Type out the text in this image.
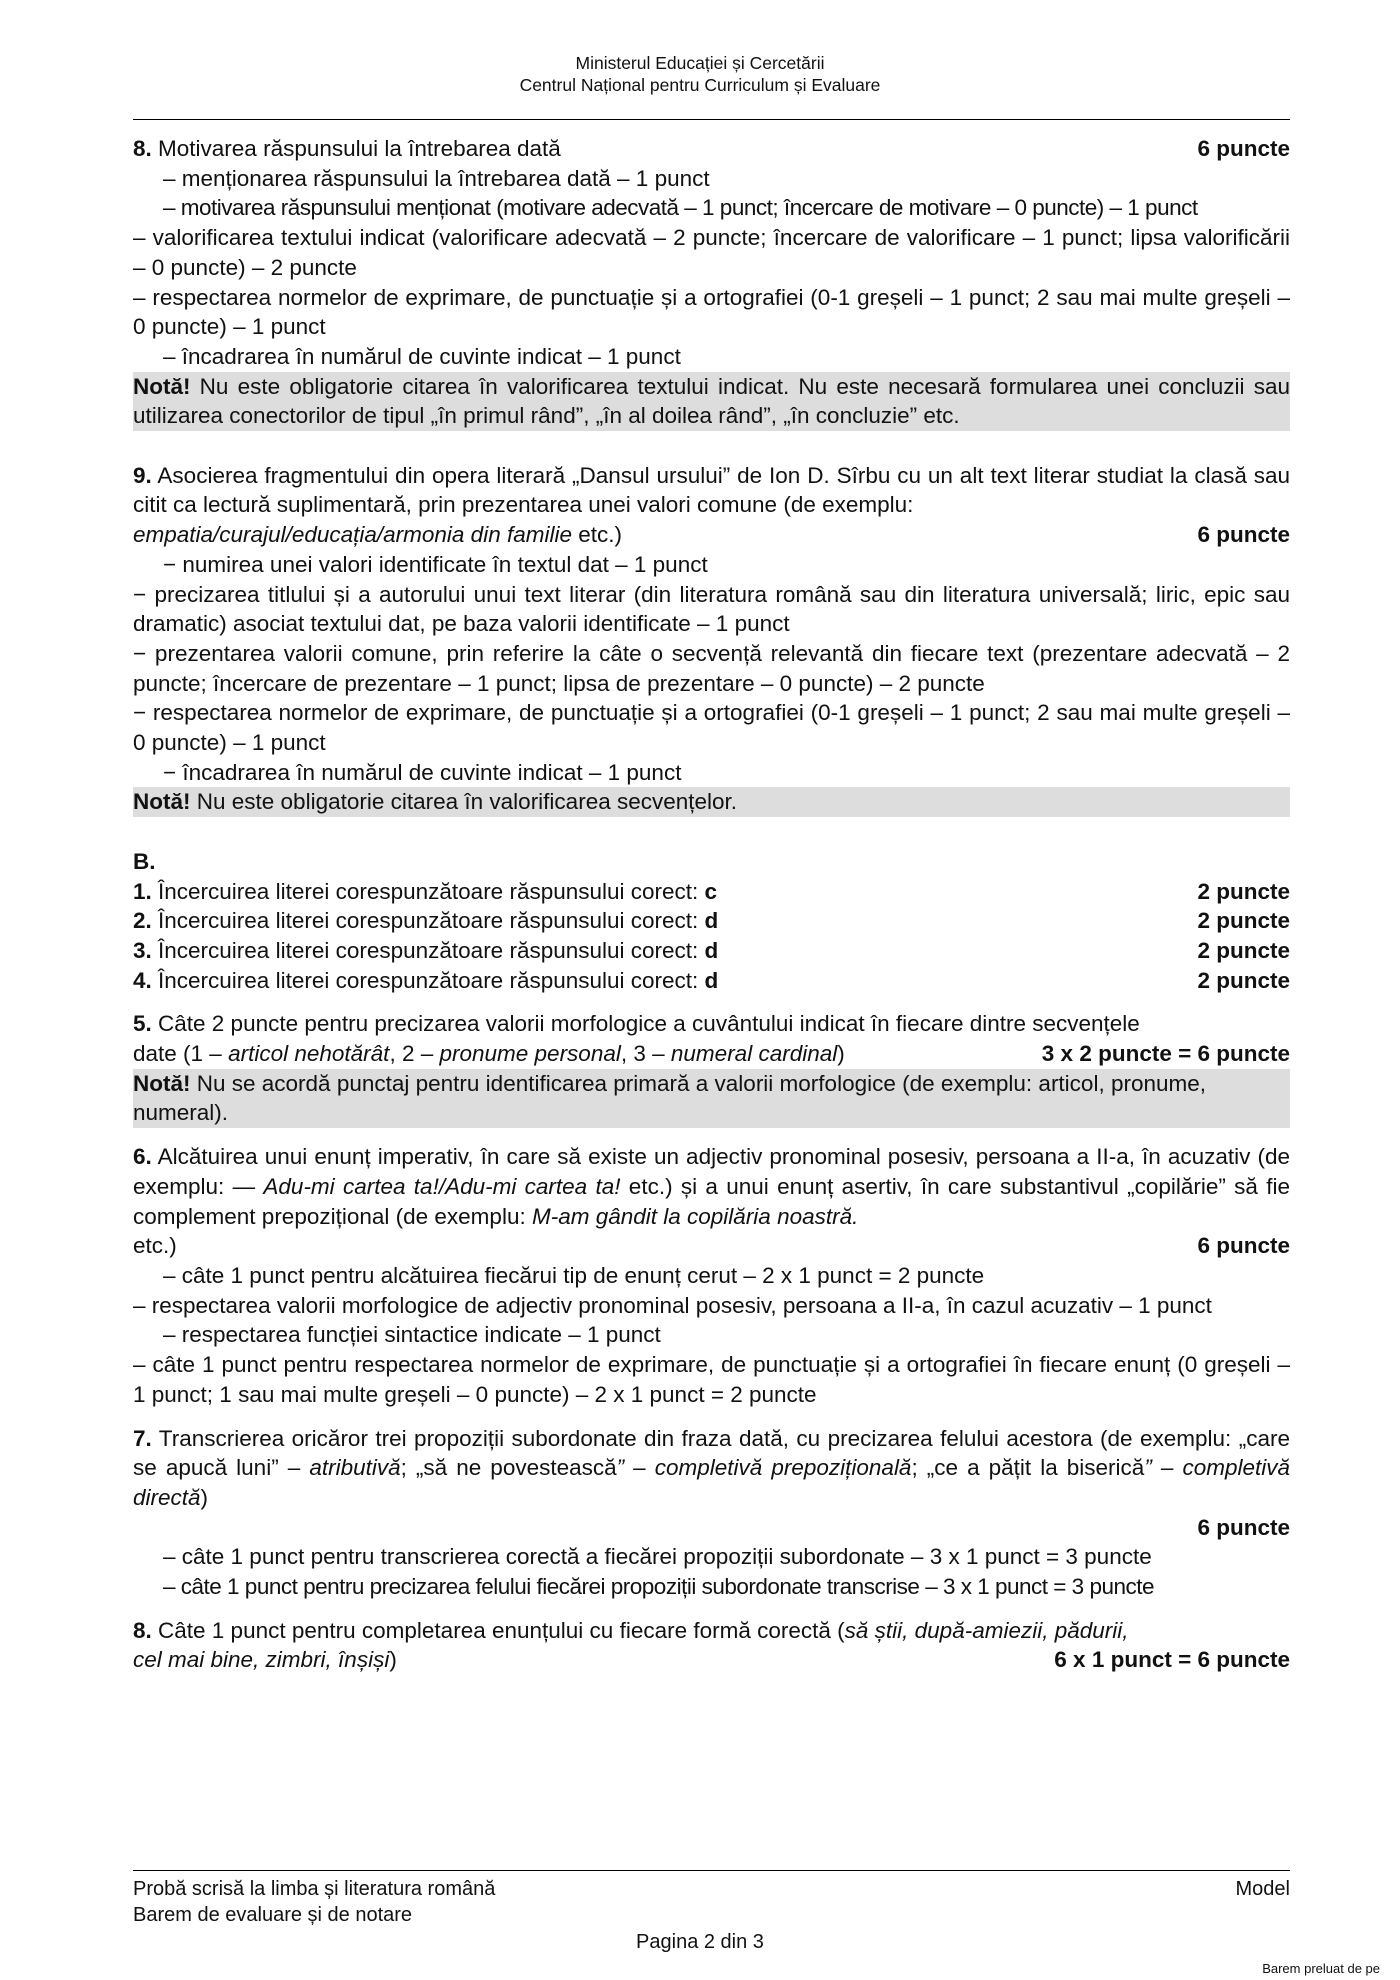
Ministerul Educației și Cercetării
Centrul Național pentru Curriculum și Evaluare
8. Motivarea răspunsului la întrebarea dată	6 puncte
– menționarea răspunsului la întrebarea dată – 1 punct
– motivarea răspunsului menționat (motivare adecvată – 1 punct; încercare de motivare – 0 puncte) – 1 punct
– valorificarea textului indicat (valorificare adecvată – 2 puncte; încercare de valorificare – 1 punct; lipsa valorificării – 0 puncte) – 2 puncte
– respectarea normelor de exprimare, de punctuație și a ortografiei (0-1 greșeli – 1 punct; 2 sau mai multe greșeli – 0 puncte) – 1 punct
– încadrarea în numărul de cuvinte indicat – 1 punct
Notă! Nu este obligatorie citarea în valorificarea textului indicat. Nu este necesară formularea unei concluzii sau utilizarea conectorilor de tipul „în primul rând”, „în al doilea rând”, „în concluzie” etc.
9. Asocierea fragmentului din opera literară „Dansul ursului” de Ion D. Sîrbu cu un alt text literar studiat la clasă sau citit ca lectură suplimentară, prin prezentarea unei valori comune (de exemplu:
empatia/curajul/educația/armonia din familie etc.)	6 puncte
− numirea unei valori identificate în textul dat – 1 punct
− precizarea titlului și a autorului unui text literar (din literatura română sau din literatura universală; liric, epic sau dramatic) asociat textului dat, pe baza valorii identificate – 1 punct
− prezentarea valorii comune, prin referire la câte o secvență relevantă din fiecare text (prezentare adecvată – 2 puncte; încercare de prezentare – 1 punct; lipsa de prezentare – 0 puncte) – 2 puncte
− respectarea normelor de exprimare, de punctuație și a ortografiei (0-1 greșeli – 1 punct; 2 sau mai multe greșeli – 0 puncte) – 1 punct
− încadrarea în numărul de cuvinte indicat – 1 punct
Notă! Nu este obligatorie citarea în valorificarea secvențelor.
B.
1. Încercuirea literei corespunzătoare răspunsului corect: c	2 puncte
2. Încercuirea literei corespunzătoare răspunsului corect: d	2 puncte
3. Încercuirea literei corespunzătoare răspunsului corect: d	2 puncte
4. Încercuirea literei corespunzătoare răspunsului corect: d	2 puncte
5. Câte 2 puncte pentru precizarea valorii morfologice a cuvântului indicat în fiecare dintre secvențele
date (1 – articol nehotărât, 2 – pronume personal, 3 – numeral cardinal)	3 x 2 puncte = 6 puncte
Notă! Nu se acordă punctaj pentru identificarea primară a valorii morfologice (de exemplu: articol, pronume, numeral).
6. Alcătuirea unui enunț imperativ, în care să existe un adjectiv pronominal posesiv, persoana a II-a, în acuzativ (de exemplu: — Adu-mi cartea ta!/Adu-mi cartea ta! etc.) și a unui enunț asertiv, în care substantivul „copilărie” să fie complement prepozițional (de exemplu: M-am gândit la copilăria noastră.
etc.)	6 puncte
– câte 1 punct pentru alcătuirea fiecărui tip de enunț cerut – 2 x 1 punct = 2 puncte
– respectarea valorii morfologice de adjectiv pronominal posesiv, persoana a II-a, în cazul acuzativ – 1 punct
– respectarea funcției sintactice indicate – 1 punct
– câte 1 punct pentru respectarea normelor de exprimare, de punctuație și a ortografiei în fiecare enunț (0 greșeli – 1 punct; 1 sau mai multe greșeli – 0 puncte) – 2 x 1 punct = 2 puncte
7. Transcrierea oricăror trei propoziții subordonate din fraza dată, cu precizarea felului acestora (de exemplu: „care se apucă luni” – atributivă; „să ne povestească” – completivă prepozițională; „ce a pățit la biserică” – completivă directă)
6 puncte
– câte 1 punct pentru transcrierea corectă a fiecărei propoziții subordonate – 3 x 1 punct = 3 puncte
– câte 1 punct pentru precizarea felului fiecărei propoziții subordonate transcrise – 3 x 1 punct = 3 puncte
8. Câte 1 punct pentru completarea enunțului cu fiecare formă corectă (să știi, după-amiezii, pădurii,
cel mai bine, zimbri, înșiși)	6 x 1 punct = 6 puncte
Probă scrisă la limba și literatura română	Model
Barem de evaluare și de notare
Pagina 2 din 3
Barem preluat de pe
